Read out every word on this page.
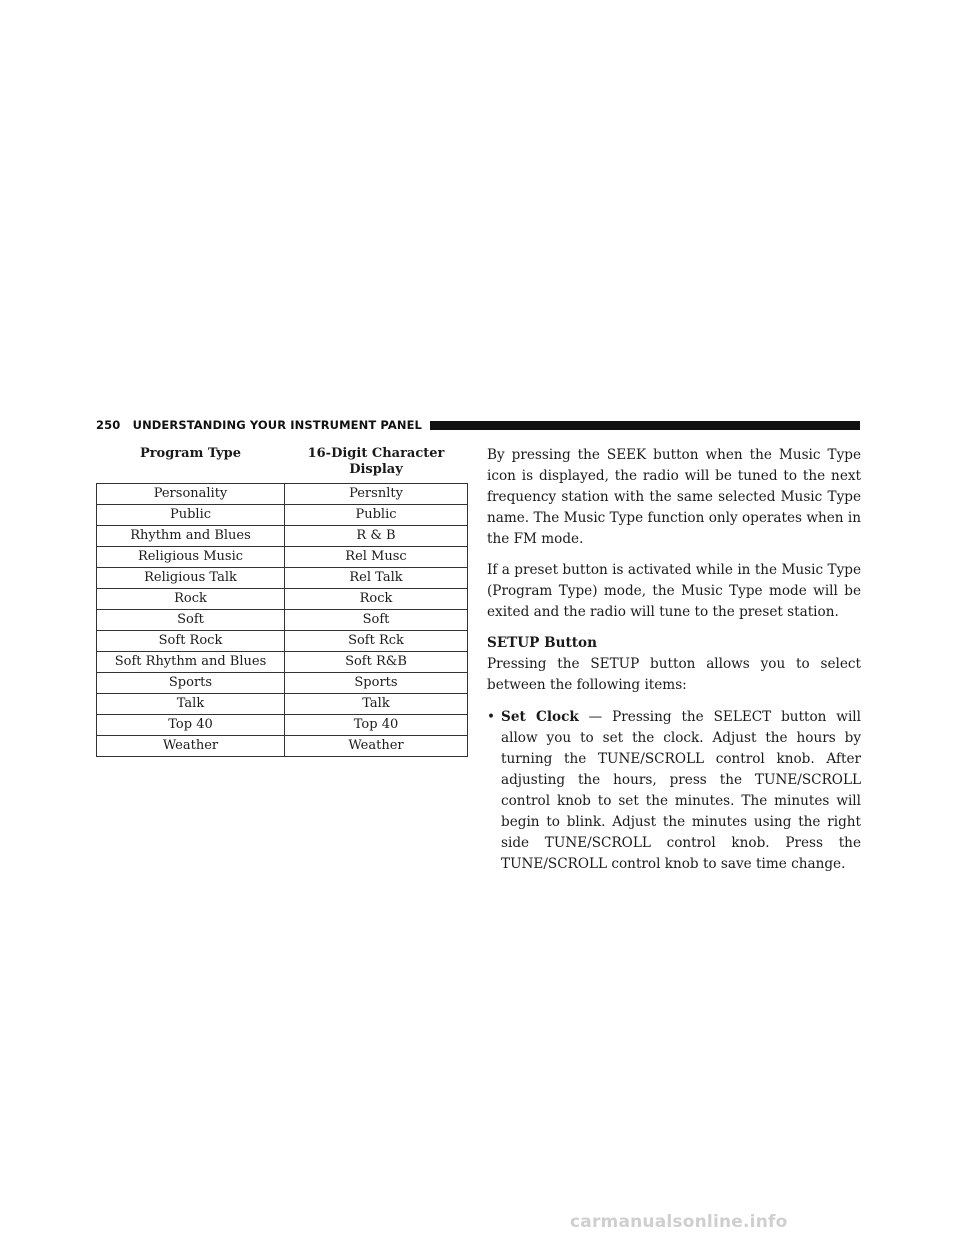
250 UNDERSTANDING YOUR INSTRUMENT PANEL
Program Type	16-Digit Character Display
Personality	Persnlty
Public	Public
Rhythm and Blues	R & B
Religious Music	Rel Musc
Religious Talk	Rel Talk
Rock	Rock
Soft	Soft
Soft Rock	Soft Rck
Soft Rhythm and Blues	Soft R&B
Sports	Sports
Talk	Talk
Top 40	Top 40
Weather	Weather

By pressing the SEEK button when the Music Type icon is displayed, the radio will be tuned to the next frequency station with the same selected Music Type name. The Music Type function only operates when in the FM mode.

If a preset button is activated while in the Music Type (Program Type) mode, the Music Type mode will be exited and the radio will tune to the preset station.

SETUP Button

Pressing the SETUP button allows you to select between the following items:

• Set Clock — Pressing the SELECT button will allow you to set the clock. Adjust the hours by turning the TUNE/SCROLL control knob. After adjusting the hours, press the TUNE/SCROLL control knob to set the minutes. The minutes will begin to blink. Adjust the minutes using the right side TUNE/SCROLL control knob. Press the TUNE/SCROLL control knob to save time change.
carmanualsonline.info
